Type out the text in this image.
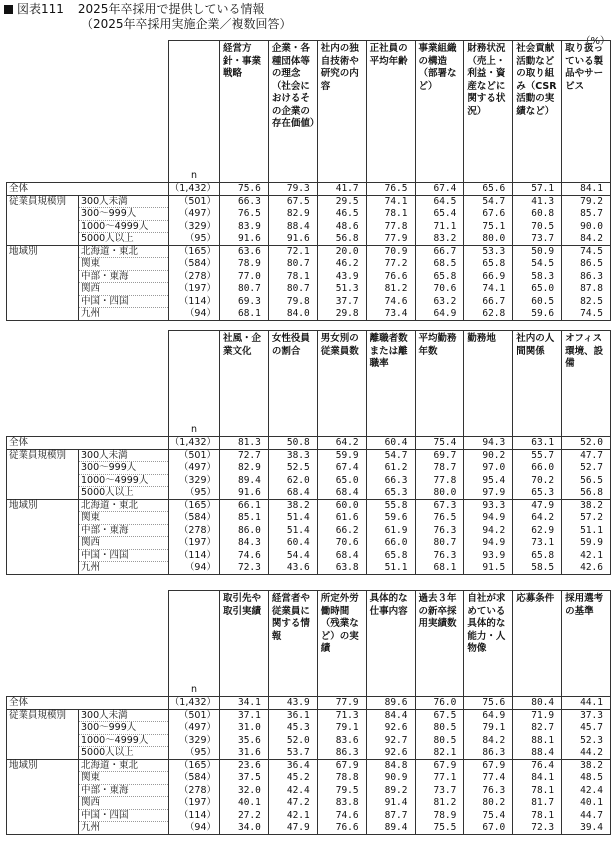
図表111 2025年卒採用で提供している情報
（2025年卒採用実施企業／複数回答）
（%）
		n	経営方針・事業戦略	企業・各種団体等の理念（社会におけるその企業の存在価値）	社内の独自技術や研究の内容	正社員の平均年齢	事業組織の構造（部署など）	財務状況（売上・利益・資産などに関する状況）	社会貢献活動などの取り組み（CSR活動の実績など）	取り扱っている製品やサービス
全体		（1,432）	75.6	79.3	41.7	76.5	67.4	65.6	57.1	84.1
従業員規模別	300人未満	（501）	66.3	67.5	29.5	74.1	64.5	54.7	41.3	79.2
	300〜999人	（497）	76.5	82.9	46.5	78.1	65.4	67.6	60.8	85.7
	1000〜4999人	（329）	83.9	88.4	48.6	77.8	71.1	75.1	70.5	90.0
	5000人以上	（95）	91.6	91.6	56.8	77.9	83.2	80.0	73.7	84.2
地域別	北海道・東北	（165）	63.6	72.1	20.0	70.9	66.7	53.3	50.9	74.5
	関東	（584）	78.9	80.7	46.2	77.2	68.5	65.8	54.5	86.5
	中部・東海	（278）	77.0	78.1	43.9	76.6	65.8	66.9	58.3	86.3
	関西	（197）	80.7	80.7	51.3	81.2	70.6	74.1	65.0	87.8
	中国・四国	（114）	69.3	79.8	37.7	74.6	63.2	66.7	60.5	82.5
	九州	（94）	68.1	84.0	29.8	73.4	64.9	62.8	59.6	74.5
		n	社風・企業文化	女性役員の割合	男女別の従業員数	離職者数または離職率	平均勤務年数	勤務地	社内の人間関係	オフィス環境、設備
全体		（1,432）	81.3	50.8	64.2	60.4	75.4	94.3	63.1	52.0
従業員規模別	300人未満	（501）	72.7	38.3	59.9	54.7	69.7	90.2	55.7	47.7
	300〜999人	（497）	82.9	52.5	67.4	61.2	78.7	97.0	66.0	52.7
	1000〜4999人	（329）	89.4	62.0	65.0	66.3	77.8	95.4	70.2	56.5
	5000人以上	（95）	91.6	68.4	68.4	65.3	80.0	97.9	65.3	56.8
地域別	北海道・東北	（165）	66.1	38.2	60.0	55.8	67.3	93.3	47.9	38.2
	関東	（584）	85.1	51.4	61.6	59.6	76.5	94.9	64.2	57.2
	中部・東海	（278）	86.0	51.4	66.2	61.9	76.3	94.2	62.9	51.1
	関西	（197）	84.3	60.4	70.6	66.0	80.7	94.9	73.1	59.9
	中国・四国	（114）	74.6	54.4	68.4	65.8	76.3	93.9	65.8	42.1
	九州	（94）	72.3	43.6	63.8	51.1	68.1	91.5	58.5	42.6
		n	取引先や取引実績	経営者や従業員に関する情報	所定外労働時間（残業など）の実績	具体的な仕事内容	過去３年の新卒採用実績数	自社が求めている具体的な能力・人物像	応募条件	採用選考の基準
全体		（1,432）	34.1	43.9	77.9	89.6	76.0	75.6	80.4	44.1
従業員規模別	300人未満	（501）	37.1	36.1	71.3	84.4	67.5	64.9	71.9	37.3
	300〜999人	（497）	31.0	45.3	79.1	92.6	80.5	79.1	82.7	45.7
	1000〜4999人	（329）	35.6	52.0	83.6	92.7	80.5	84.2	88.1	52.3
	5000人以上	（95）	31.6	53.7	86.3	92.6	82.1	86.3	88.4	44.2
地域別	北海道・東北	（165）	23.6	36.4	67.9	84.8	67.9	67.9	76.4	38.2
	関東	（584）	37.5	45.2	78.8	90.9	77.1	77.4	84.1	48.5
	中部・東海	（278）	32.0	42.4	79.5	89.2	73.7	76.3	78.1	42.4
	関西	（197）	40.1	47.2	83.8	91.4	81.2	80.2	81.7	40.1
	中国・四国	（114）	27.2	42.1	74.6	87.7	78.9	75.4	78.1	44.7
	九州	（94）	34.0	47.9	76.6	89.4	75.5	67.0	72.3	39.4
